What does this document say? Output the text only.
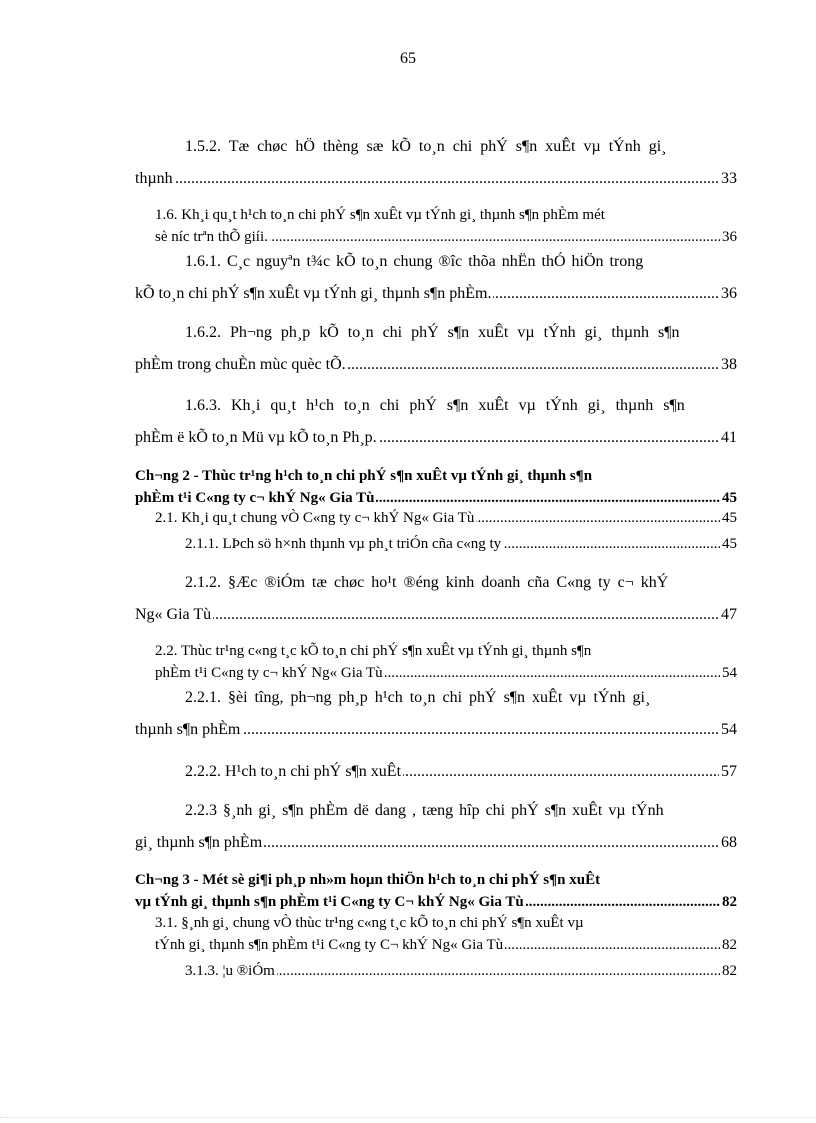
65
1.5.2. Tæ chøc hÖ thèng sæ kÕ to¸n chi phÝ s¶n xuÊt vµ tÝnh gi¸
thµnh	33
.....
1.6. Kh¸i qu¸t h¹ch to¸n chi phÝ s¶n xuÊt vµ tÝnh gi¸ thµnh s¶n phÈm mét
sè níc trªn thÕ giíi.	36
.....
1.6.1. C¸c nguyªn t¾c kÕ to¸n chung ®îc thõa nhËn thÓ hiÖn trong
kÕ to¸n chi phÝ s¶n xuÊt vµ tÝnh gi¸ thµnh s¶n phÈm.	36
.....
1.6.2. Ph¬ng ph¸p kÕ to¸n chi phÝ s¶n xuÊt vµ tÝnh gi¸ thµnh s¶n
phÈm trong chuÈn mùc quèc tÕ.	38
.....
1.6.3. Kh¸i qu¸t h¹ch to¸n chi phÝ s¶n xuÊt vµ tÝnh gi¸ thµnh s¶n
phÈm ë kÕ to¸n Mü vµ kÕ to¸n Ph¸p.	41
.....
Ch¬ng 2 - Thùc tr¹ng h¹ch to¸n chi phÝ s¶n xuÊt vµ tÝnh gi¸ thµnh s¶n
phÈm t¹i C«ng ty c¬ khÝ Ng« Gia Tù	45
.....
2.1. Kh¸i qu¸t chung vÒ C«ng ty c¬ khÝ Ng« Gia Tù	45
.....
2.1.1. LÞch sö h×nh thµnh vµ ph¸t triÓn cña c«ng ty	45
.....
2.1.2. §Æc ®iÓm tæ chøc ho¹t ®éng kinh doanh cña C«ng ty c¬ khÝ
Ng« Gia Tù	47
.....
2.2. Thùc tr¹ng c«ng t¸c kÕ to¸n chi phÝ s¶n xuÊt vµ tÝnh gi¸ thµnh s¶n
phÈm t¹i C«ng ty c¬ khÝ Ng« Gia Tù	54
.....
2.2.1. §èi tîng, ph¬ng ph¸p h¹ch to¸n chi phÝ s¶n xuÊt vµ tÝnh gi¸
thµnh s¶n phÈm	54
.....
2.2.2. H¹ch to¸n chi phÝ s¶n xuÊt	57
.....
2.2.3 §¸nh gi¸ s¶n phÈm dë dang , tæng hîp chi phÝ s¶n xuÊt vµ tÝnh
gi¸ thµnh s¶n phÈm	68
.....
Ch¬ng 3 - Mét sè gi¶i ph¸p nh»m hoµn thiÖn h¹ch to¸n chi phÝ s¶n xuÊt
vµ tÝnh gi¸ thµnh s¶n phÈm t¹i C«ng ty C¬ khÝ Ng« Gia Tù	82
.....
3.1. §¸nh gi¸ chung vÒ thùc tr¹ng c«ng t¸c kÕ to¸n chi phÝ s¶n xuÊt vµ
tÝnh gi¸ thµnh s¶n phÈm t¹i C«ng ty C¬ khÝ Ng« Gia Tù	82
.....
3.1.3. ¦u ®iÓm	82
.....
